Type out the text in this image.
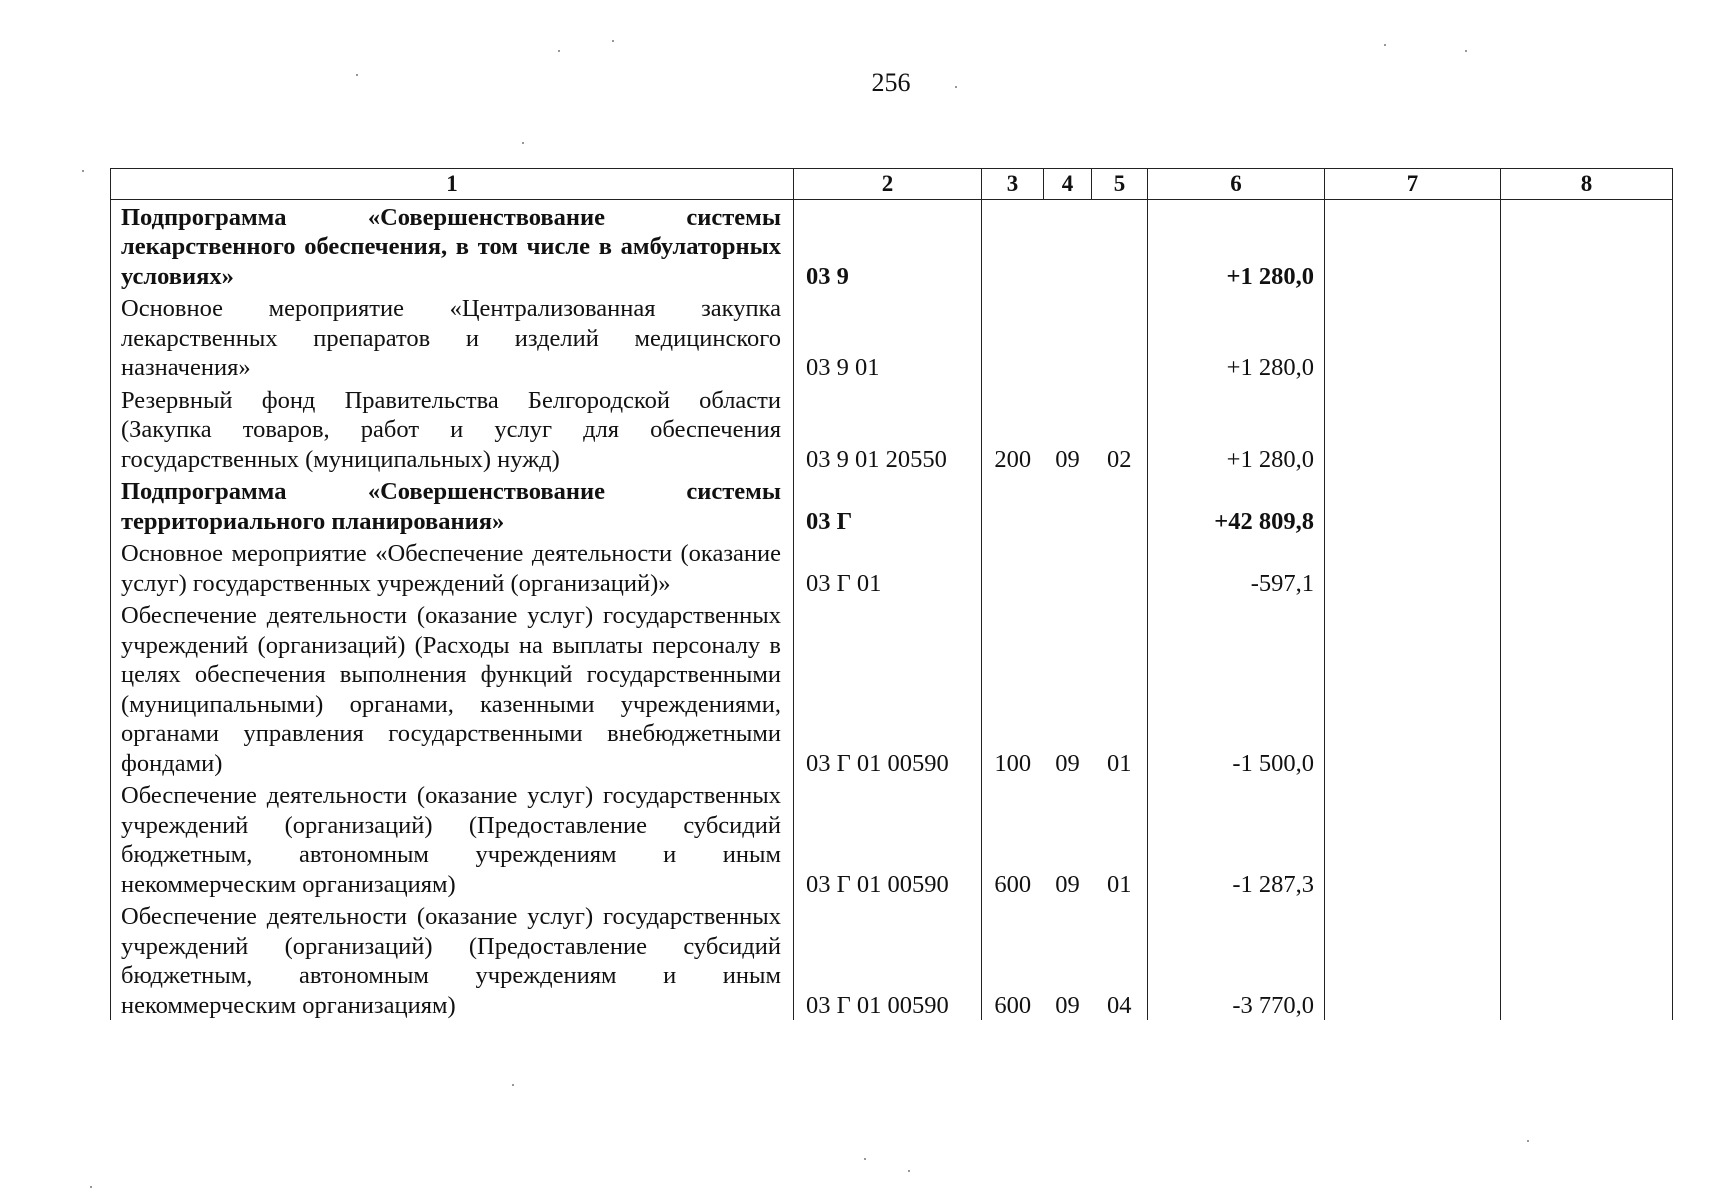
256
1	2	3	4	5	6	7	8
Подпрограмма «Совершенствование системы лекарственного обеспечения, в том числе в амбулаторных условиях»	03 9				+1 280,0		
Основное мероприятие «Централизованная закупка лекарственных препаратов и изделий медицинского назначения»	03 9 01				+1 280,0		
Резервный фонд Правительства Белгородской области (Закупка товаров, работ и услуг для обеспечения государственных (муниципальных) нужд)	03 9 01 20550	200	09	02	+1 280,0		
Подпрограмма «Совершенствование системы территориального планирования»	03 Г				+42 809,8		
Основное мероприятие «Обеспечение деятельности (оказание услуг) государственных учреждений (организаций)»	03 Г 01				-597,1		
Обеспечение деятельности (оказание услуг) государственных учреждений (организаций) (Расходы на выплаты персоналу в целях обеспечения выполнения функций государственными (муниципальными) органами, казенными учреждениями, органами управления государственными внебюджетными фондами)	03 Г 01 00590	100	09	01	-1 500,0		
Обеспечение деятельности (оказание услуг) государственных учреждений (организаций) (Предоставление субсидий бюджетным, автономным учреждениям и иным некоммерческим организациям)	03 Г 01 00590	600	09	01	-1 287,3		
Обеспечение деятельности (оказание услуг) государственных учреждений (организаций) (Предоставление субсидий бюджетным, автономным учреждениям и иным некоммерческим организациям)	03 Г 01 00590	600	09	04	-3 770,0		
